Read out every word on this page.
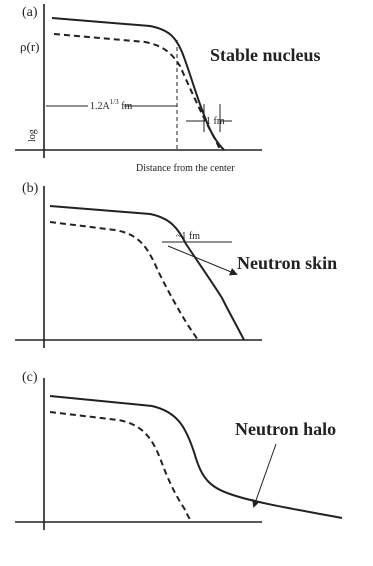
(a)
Stable nucleus
ρ(r)
log
$1.2A^{1/3}$ fm
1 fm
Distance from the center
(b)
~1 fm
Neutron skin
(c)
Neutron halo
